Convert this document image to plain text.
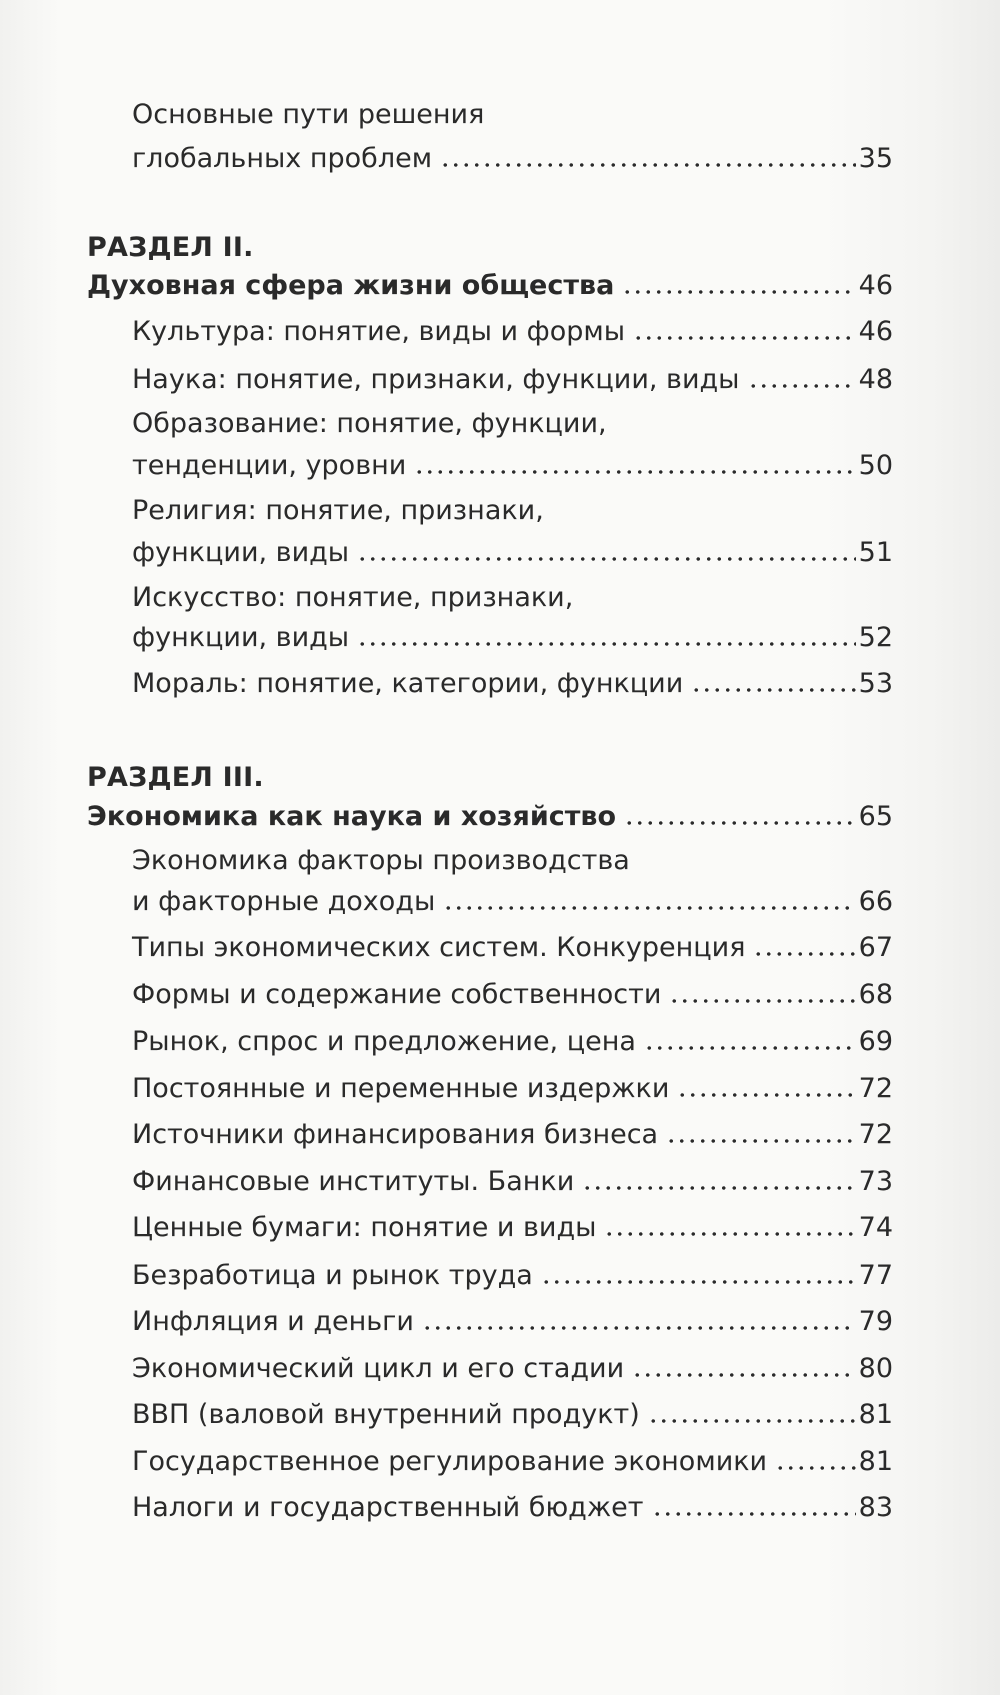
Основные пути решения
глобальных проблем	35
РАЗДЕЛ II.
Духовная сфера жизни общества	46
Культура: понятие, виды и формы	46
Наука: понятие, признаки, функции, виды	48
Образование: понятие, функции,
тенденции, уровни	50
Религия: понятие, признаки,
функции, виды	51
Искусство: понятие, признаки,
функции, виды	52
Мораль: понятие, категории, функции	53
РАЗДЕЛ III.
Экономика как наука и хозяйство	65
Экономика факторы производства
и факторные доходы	66
Типы экономических систем. Конкуренция	67
Формы и содержание собственности	68
Рынок, спрос и предложение, цена	69
Постоянные и переменные издержки	72
Источники финансирования бизнеса	72
Финансовые институты. Банки	73
Ценные бумаги: понятие и виды	74
Безработица и рынок труда	77
Инфляция и деньги	79
Экономический цикл и его стадии	80
ВВП (валовой внутренний продукт)	81
Государственное регулирование экономики	81
Налоги и государственный бюджет	83
